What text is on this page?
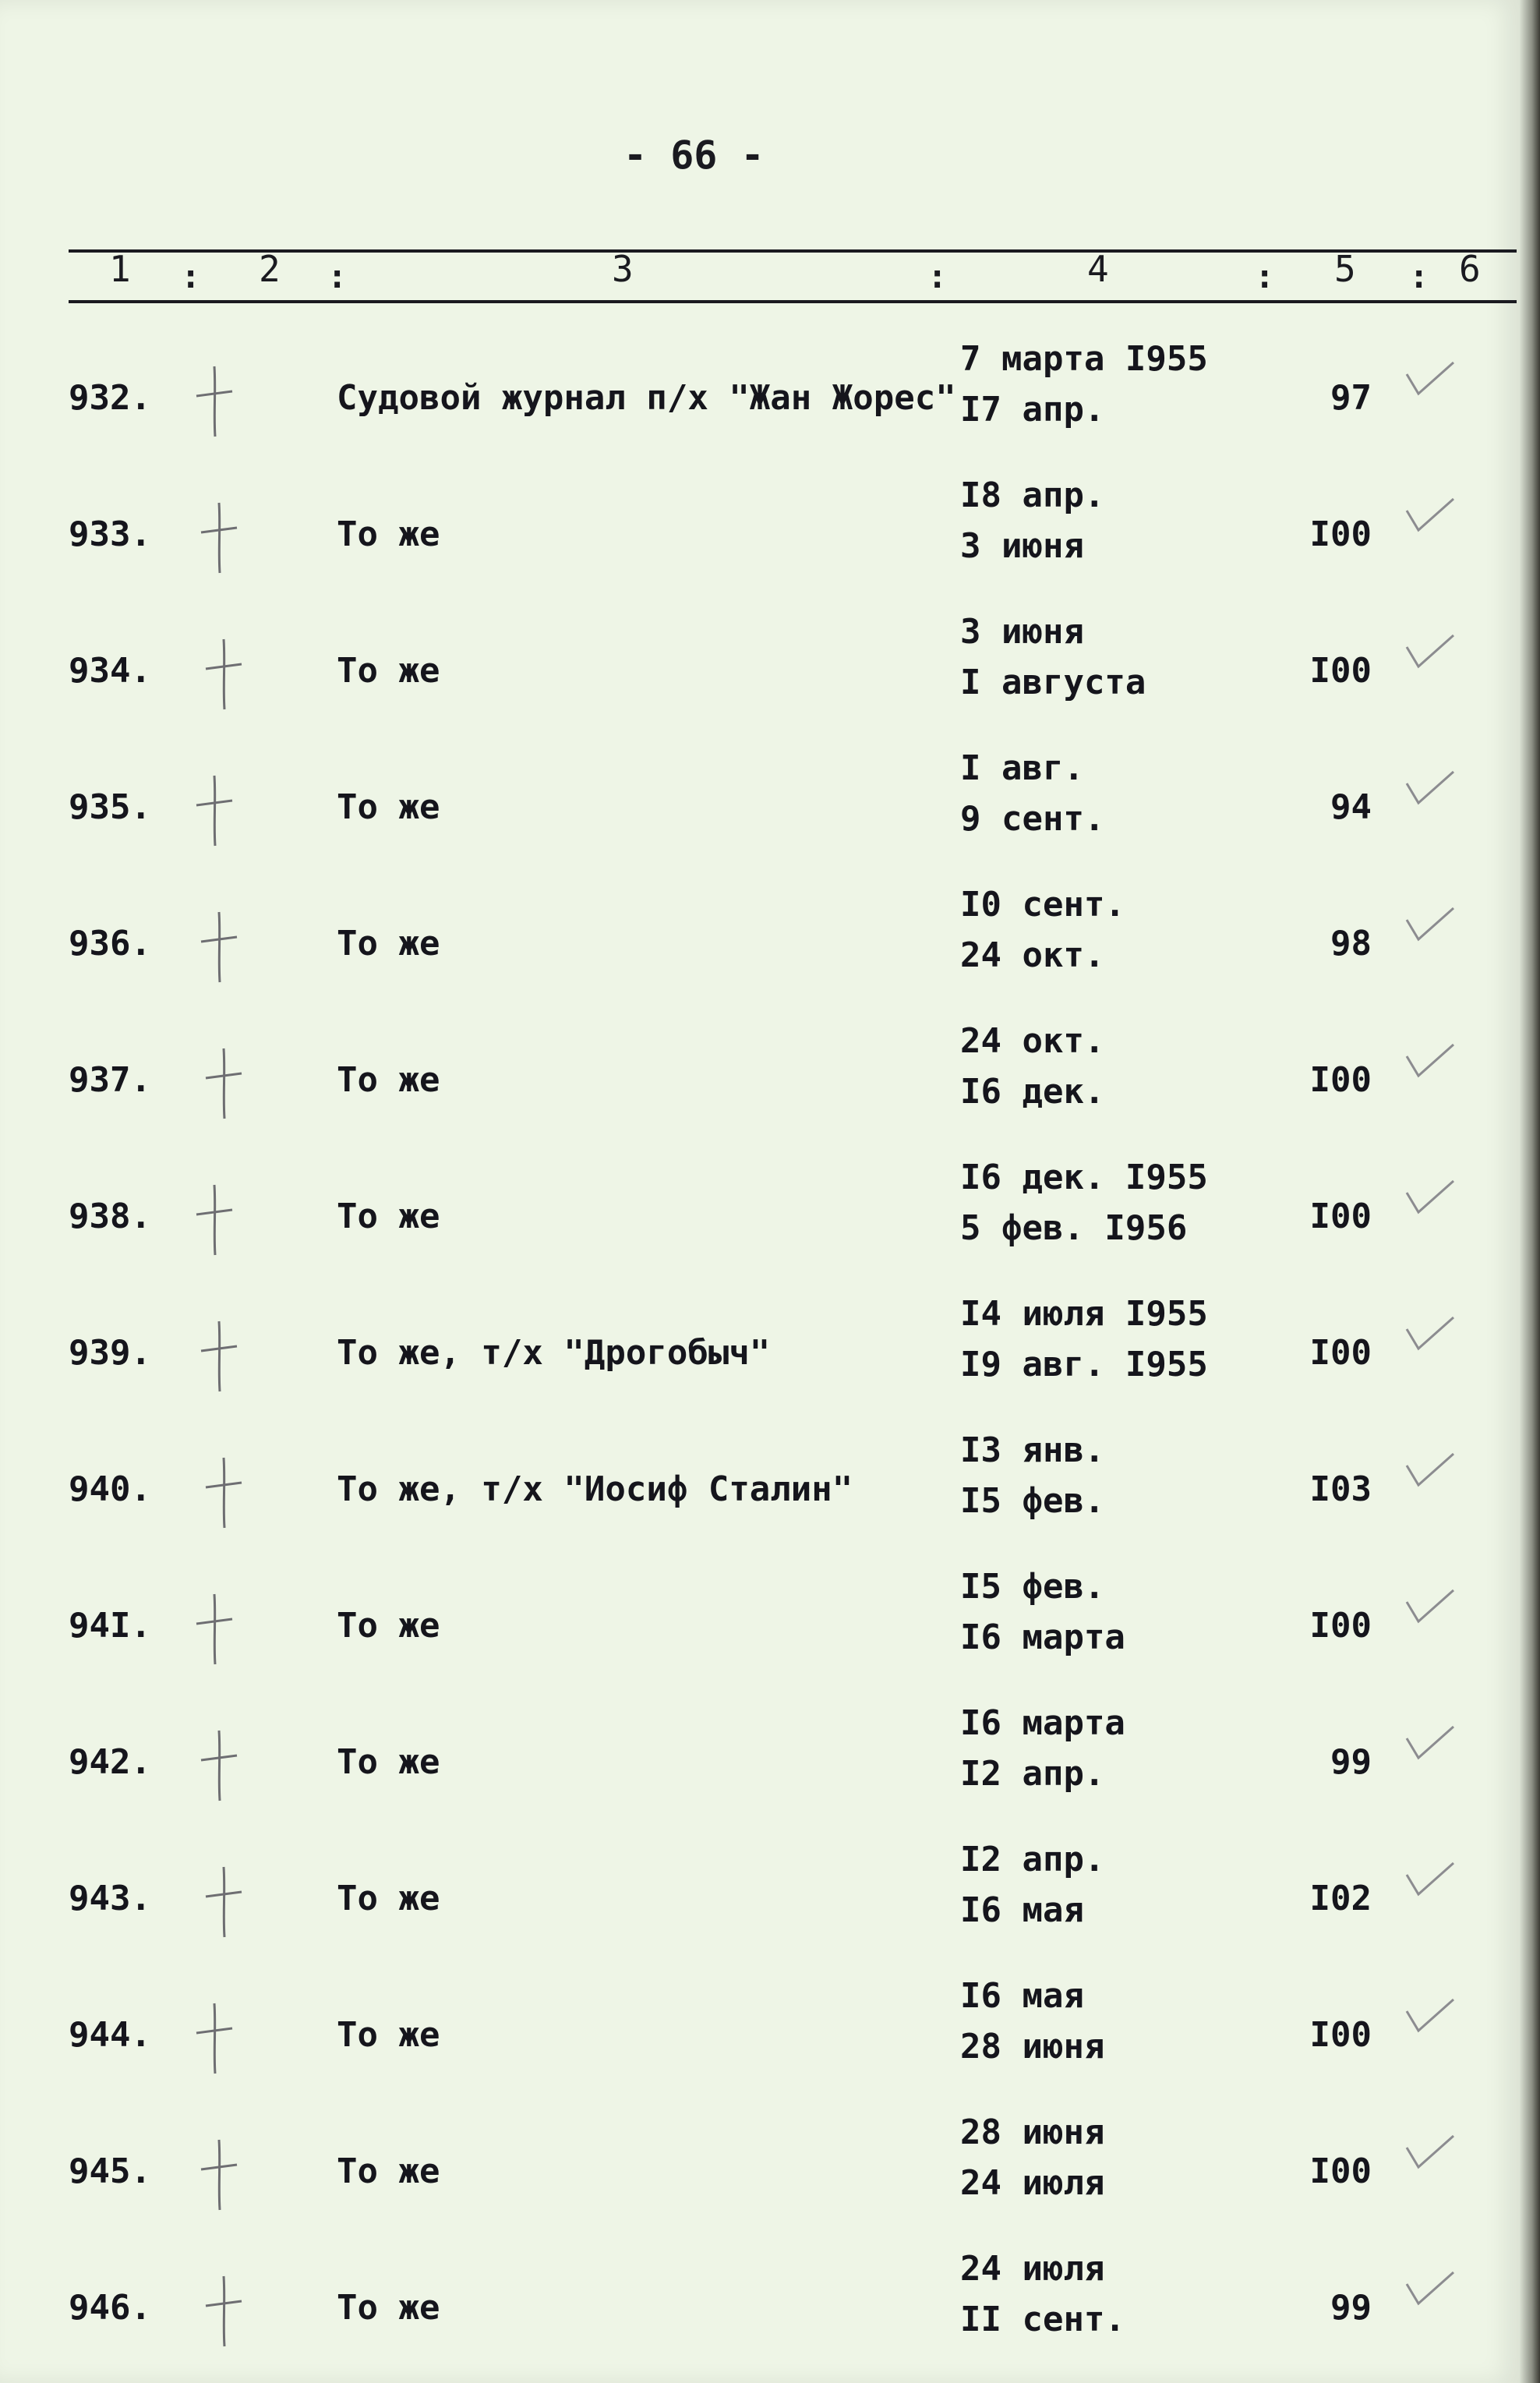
- 66 -
1 : 2 :	3	:	4	: 5 : 6
932.	Судовой журнал п/х "Жан Жорес"
7 марта I955
I7 апр.	97
933.	То же
I8 апр.
3 июня	I00
934.	То же
3 июня
I августа	I00
935.	То же
I авг.
9 сент.	94
936.	То же
I0 сент.
24 окт.	98
937.	То же
24 окт.
I6 дек.	I00
938.	То же
I6 дек. I955
5 фев. I956	I00
939.	То же, т/х "Дрогобыч"
I4 июля I955
I9 авг. I955	I00
940.	То же, т/х "Иосиф Сталин"
I3 янв.
I5 фев.	I03
94I.	То же
I5 фев.
I6 марта	I00
942.	То же
I6 марта
I2 апр.	99
943.	То же
I2 апр.
I6 мая	I02
944.	То же
I6 мая
28 июня	I00
945.	То же
28 июня
24 июля	I00
946.	То же
24 июля
II сент.	99
